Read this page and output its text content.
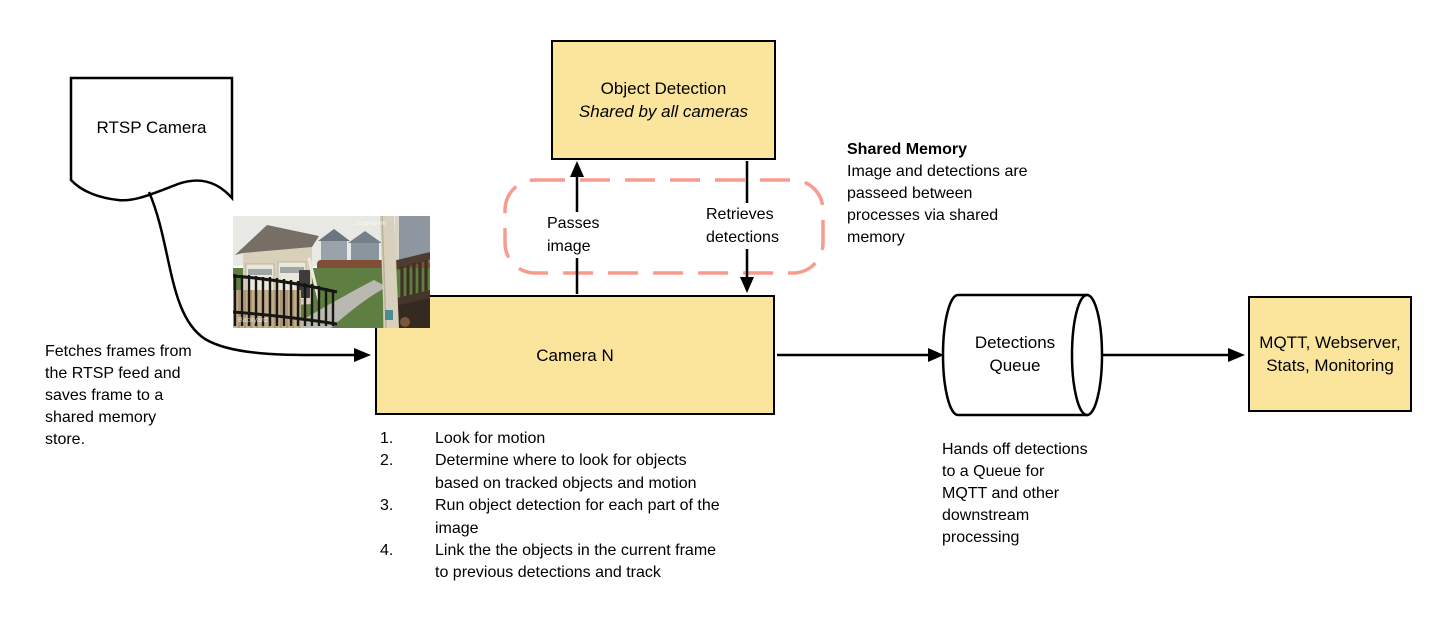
Object Detection
Shared by all cameras
Camera N
MQTT, Webserver,
Stats, Monitoring
RTSP Camera
Detections
Queue
Passes
image
Retrieves
detections
Shared Memory
Image and detections are
passeed between
processes via shared
memory
Fetches frames from
the RTSP feed and
saves frame to a
shared memory
store.
Hands off detections
to a Queue for
MQTT and other
downstream
processing
1.	Look for motion
2.	Determine where to look for objects
based on tracked objects and motion
3.	Run object detection for each part of the
image
4.	Link the the objects in the current frame
to previous detections and track
2019-02-06
Backyard
